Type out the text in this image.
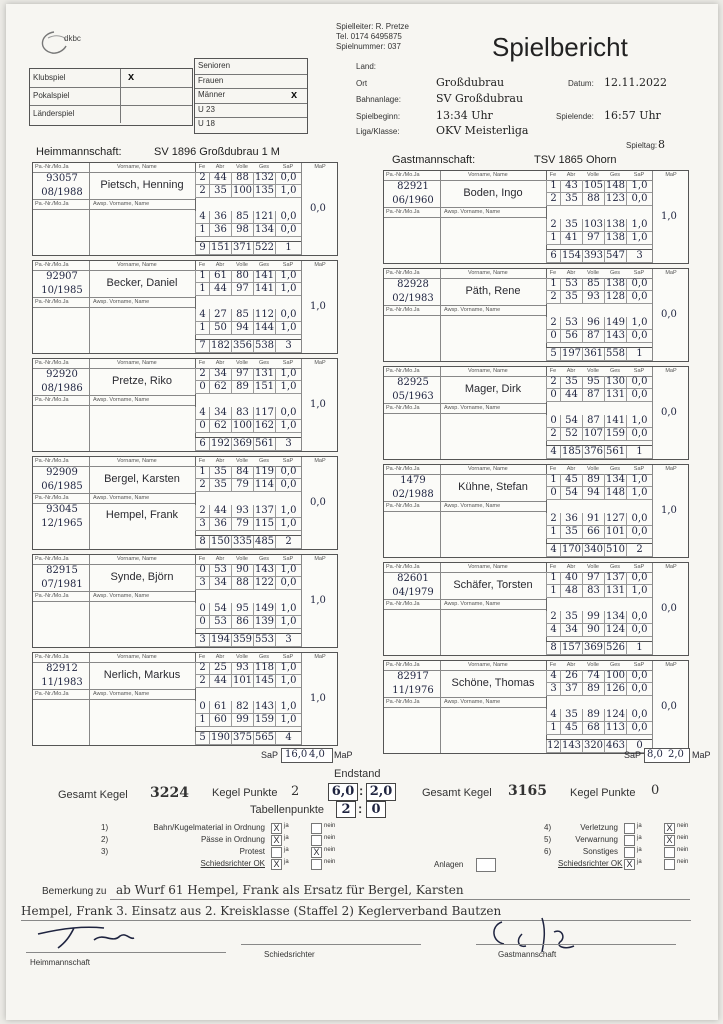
dkbc
Spielleiter: R. Pretze
Tel. 0174 6495875
Spielnummer: 037	Spielbericht
Klubspiel	x
Pokalspiel
Länderspiel
Senioren
Frauen
Männer	x
U 23
U 18
Land:
Ort	Großdubrau	Datum: 12.11.2022
Bahnanlage:	SV Großdubrau
Spielbeginn:	13:34 Uhr	Spielende: 16:57 Uhr
Liga/Klasse:	OKV Meisterliga
Spieltag: 8
Heimmannschaft:	SV 1896 Großdubrau 1 M
Gastmannschaft:	TSV 1865 Ohorn
Pa.-Nr./Mo.Ja	Vorname, Name
93057
08/1988
Pietsch, Henning
Pa.-Nr./Mo.Ja	Awsp. Vorname, Name
Fe	Abr	Volle	Ges	SaP
2 44 88 132 0,0
2 35 100 135 1,0
4 36 85 121 0,0
1 36 98 134 0,0
9 151 371 522	1
MaP
0,0
Pa.-Nr./Mo.Ja	Vorname, Name
92907
10/1985
Becker, Daniel
Pa.-Nr./Mo.Ja	Awsp. Vorname, Name
Fe	Abr	Volle	Ges	SaP
1 61 80 141 1,0
1 44 97 141 1,0
4 27 85 112 0,0
1 50 94 144 1,0
7 182 356 538	3
MaP
1,0
Pa.-Nr./Mo.Ja	Vorname, Name
92920
08/1986
Pretze, Riko
Pa.-Nr./Mo.Ja	Awsp. Vorname, Name
Fe	Abr	Volle	Ges	SaP
2 34 97 131 1,0
0 62 89 151 1,0
4 34 83 117 0,0
0 62 100 162 1,0
6 192 369 561	3
MaP
1,0
Pa.-Nr./Mo.Ja	Vorname, Name
92909
06/1985
Bergel, Karsten
Pa.-Nr./Mo.Ja	Awsp. Vorname, Name
93045
12/1965
Hempel, Frank
Fe	Abr	Volle	Ges	SaP
1 35 84 119 0,0
2 35 79 114 0,0
2 44 93 137 1,0
3 36 79 115 1,0
8 150 335 485	2
MaP
0,0
Pa.-Nr./Mo.Ja	Vorname, Name
82915
07/1981
Synde, Björn
Pa.-Nr./Mo.Ja	Awsp. Vorname, Name
Fe	Abr	Volle	Ges	SaP
0 53 90 143 1,0
3 34 88 122 0,0
0 54 95 149 1,0
0 53 86 139 1,0
3 194 359 553	3
MaP
1,0
Pa.-Nr./Mo.Ja	Vorname, Name
82912
11/1983
Nerlich, Markus
Pa.-Nr./Mo.Ja	Awsp. Vorname, Name
Fe	Abr	Volle	Ges	SaP
2 25 93 118 1,0
2 44 101 145 1,0
0 61 82 143 1,0
1 60 99 159 1,0
5 190 375 565	4
MaP
1,0
Pa.-Nr./Mo.Ja	Vorname, Name
82921
06/1960
Boden, Ingo
Pa.-Nr./Mo.Ja	Awsp. Vorname, Name
Fe	Abr	Volle	Ges	SaP
1 43 105 148 1,0
2 35 88 123 0,0
2 35 103 138 1,0
1 41 97 138 1,0
6 154 393 547	3
MaP
1,0
Pa.-Nr./Mo.Ja	Vorname, Name
82928
02/1983
Päth, Rene
Pa.-Nr./Mo.Ja	Awsp. Vorname, Name
Fe	Abr	Volle	Ges	SaP
1 53 85 138 0,0
2 35 93 128 0,0
2 53 96 149 1,0
0 56 87 143 0,0
5 197 361 558	1
MaP
0,0
Pa.-Nr./Mo.Ja	Vorname, Name
82925
05/1963
Mager, Dirk
Pa.-Nr./Mo.Ja	Awsp. Vorname, Name
Fe	Abr	Volle	Ges	SaP
2 35 95 130 0,0
0 44 87 131 0,0
0 54 87 141 1,0
2 52 107 159 0,0
4 185 376 561	1
MaP
0,0
Pa.-Nr./Mo.Ja	Vorname, Name
1479
02/1988
Kühne, Stefan
Pa.-Nr./Mo.Ja	Awsp. Vorname, Name
Fe	Abr	Volle	Ges	SaP
1 45 89 134 1,0
0 54 94 148 1,0
2 36 91 127 0,0
1 35 66 101 0,0
4 170 340 510	2
MaP
1,0
Pa.-Nr./Mo.Ja	Vorname, Name
82601
04/1979
Schäfer, Torsten
Pa.-Nr./Mo.Ja	Awsp. Vorname, Name
Fe	Abr	Volle	Ges	SaP
1 40 97 137 0,0
1 48 83 131 1,0
2 35 99 134 0,0
4 34 90 124 0,0
8 157 369 526	1
MaP
0,0
Pa.-Nr./Mo.Ja	Vorname, Name
82917
11/1976
Schöne, Thomas
Pa.-Nr./Mo.Ja	Awsp. Vorname, Name
Fe	Abr	Volle	Ges	SaP
4 26 74 100 0,0
3 37 89 126 0,0
4 35 89 124 0,0
1 45 68 113 0,0
12 143 320 463	0
MaP
0,0
SaP 16,0 4,0 MaP	SaP 8,0 2,0 MaP
Endstand
Gesamt Kegel 3224 Kegel Punkte 2 6,0 : 2,0	Gesamt Kegel 3165 Kegel Punkte 0
Tabellenpunkte	2 : 0
1)	Bahn/Kugelmaterial in Ordnung X ja	nein
2)	Pässe in Ordnung X ja	nein
3)	Protest	ja	X nein
Schiedsrichter OK X ja	nein
4)	Verletzung	ja	X nein
5)	Verwarnung	ja	X nein
6)	Sonstiges	ja	nein
Schiedsrichter OK X ja	nein
Anlagen
Bemerkung zu ab Wurf 61 Hempel, Frank als Ersatz für Bergel, Karsten
Hempel, Frank 3. Einsatz aus 2. Kreisklasse (Staffel 2) Keglerverband Bautzen
Heimmannschaft
Schiedsrichter	Gastmannschaft
